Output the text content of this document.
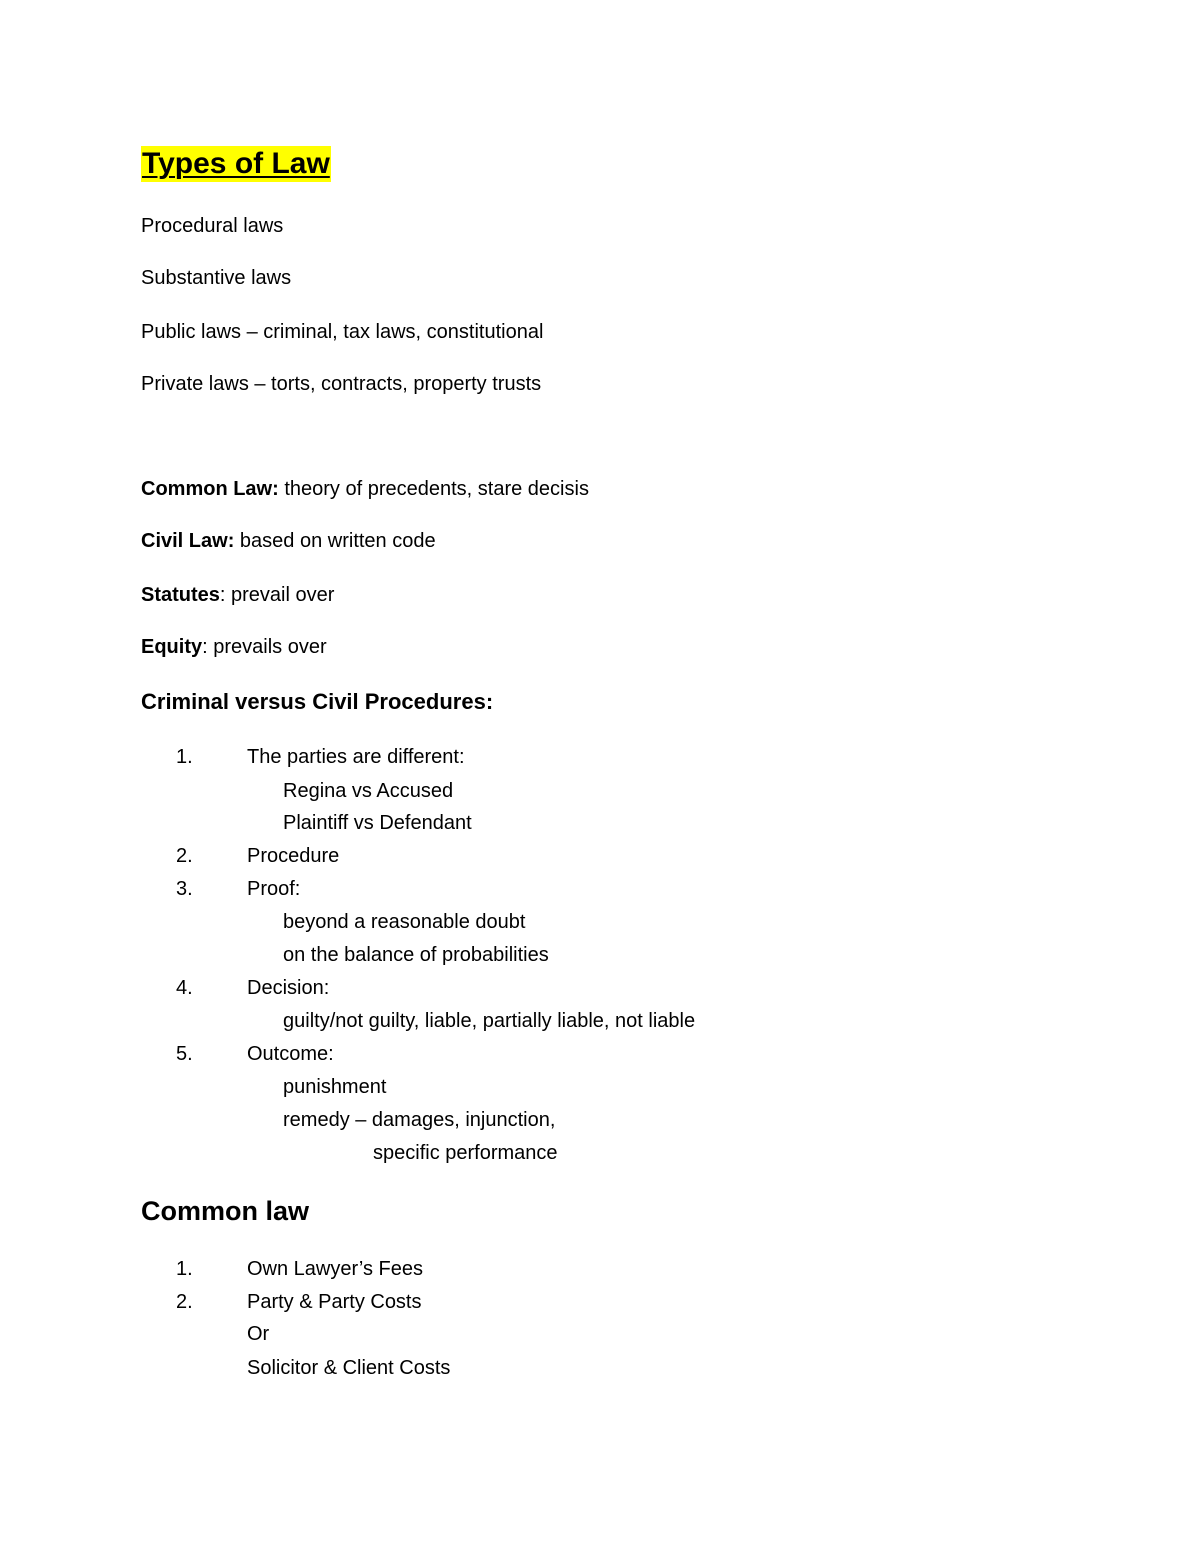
Types of Law
Procedural laws
Substantive laws
Public laws – criminal, tax laws, constitutional
Private laws – torts, contracts, property trusts
Common Law: theory of precedents, stare decisis
Civil Law: based on written code
Statutes: prevail over
Equity: prevails over
Criminal versus Civil Procedures:
1.	The parties are different:
Regina vs Accused
Plaintiff vs Defendant
2.	Procedure
3.	Proof:
beyond a reasonable doubt
on the balance of probabilities
4.	Decision:
guilty/not guilty, liable, partially liable, not liable
5.	Outcome:
punishment
remedy – damages, injunction,
specific performance
Common law
1.	Own Lawyer’s Fees
2.	Party & Party Costs
Or
Solicitor & Client Costs
